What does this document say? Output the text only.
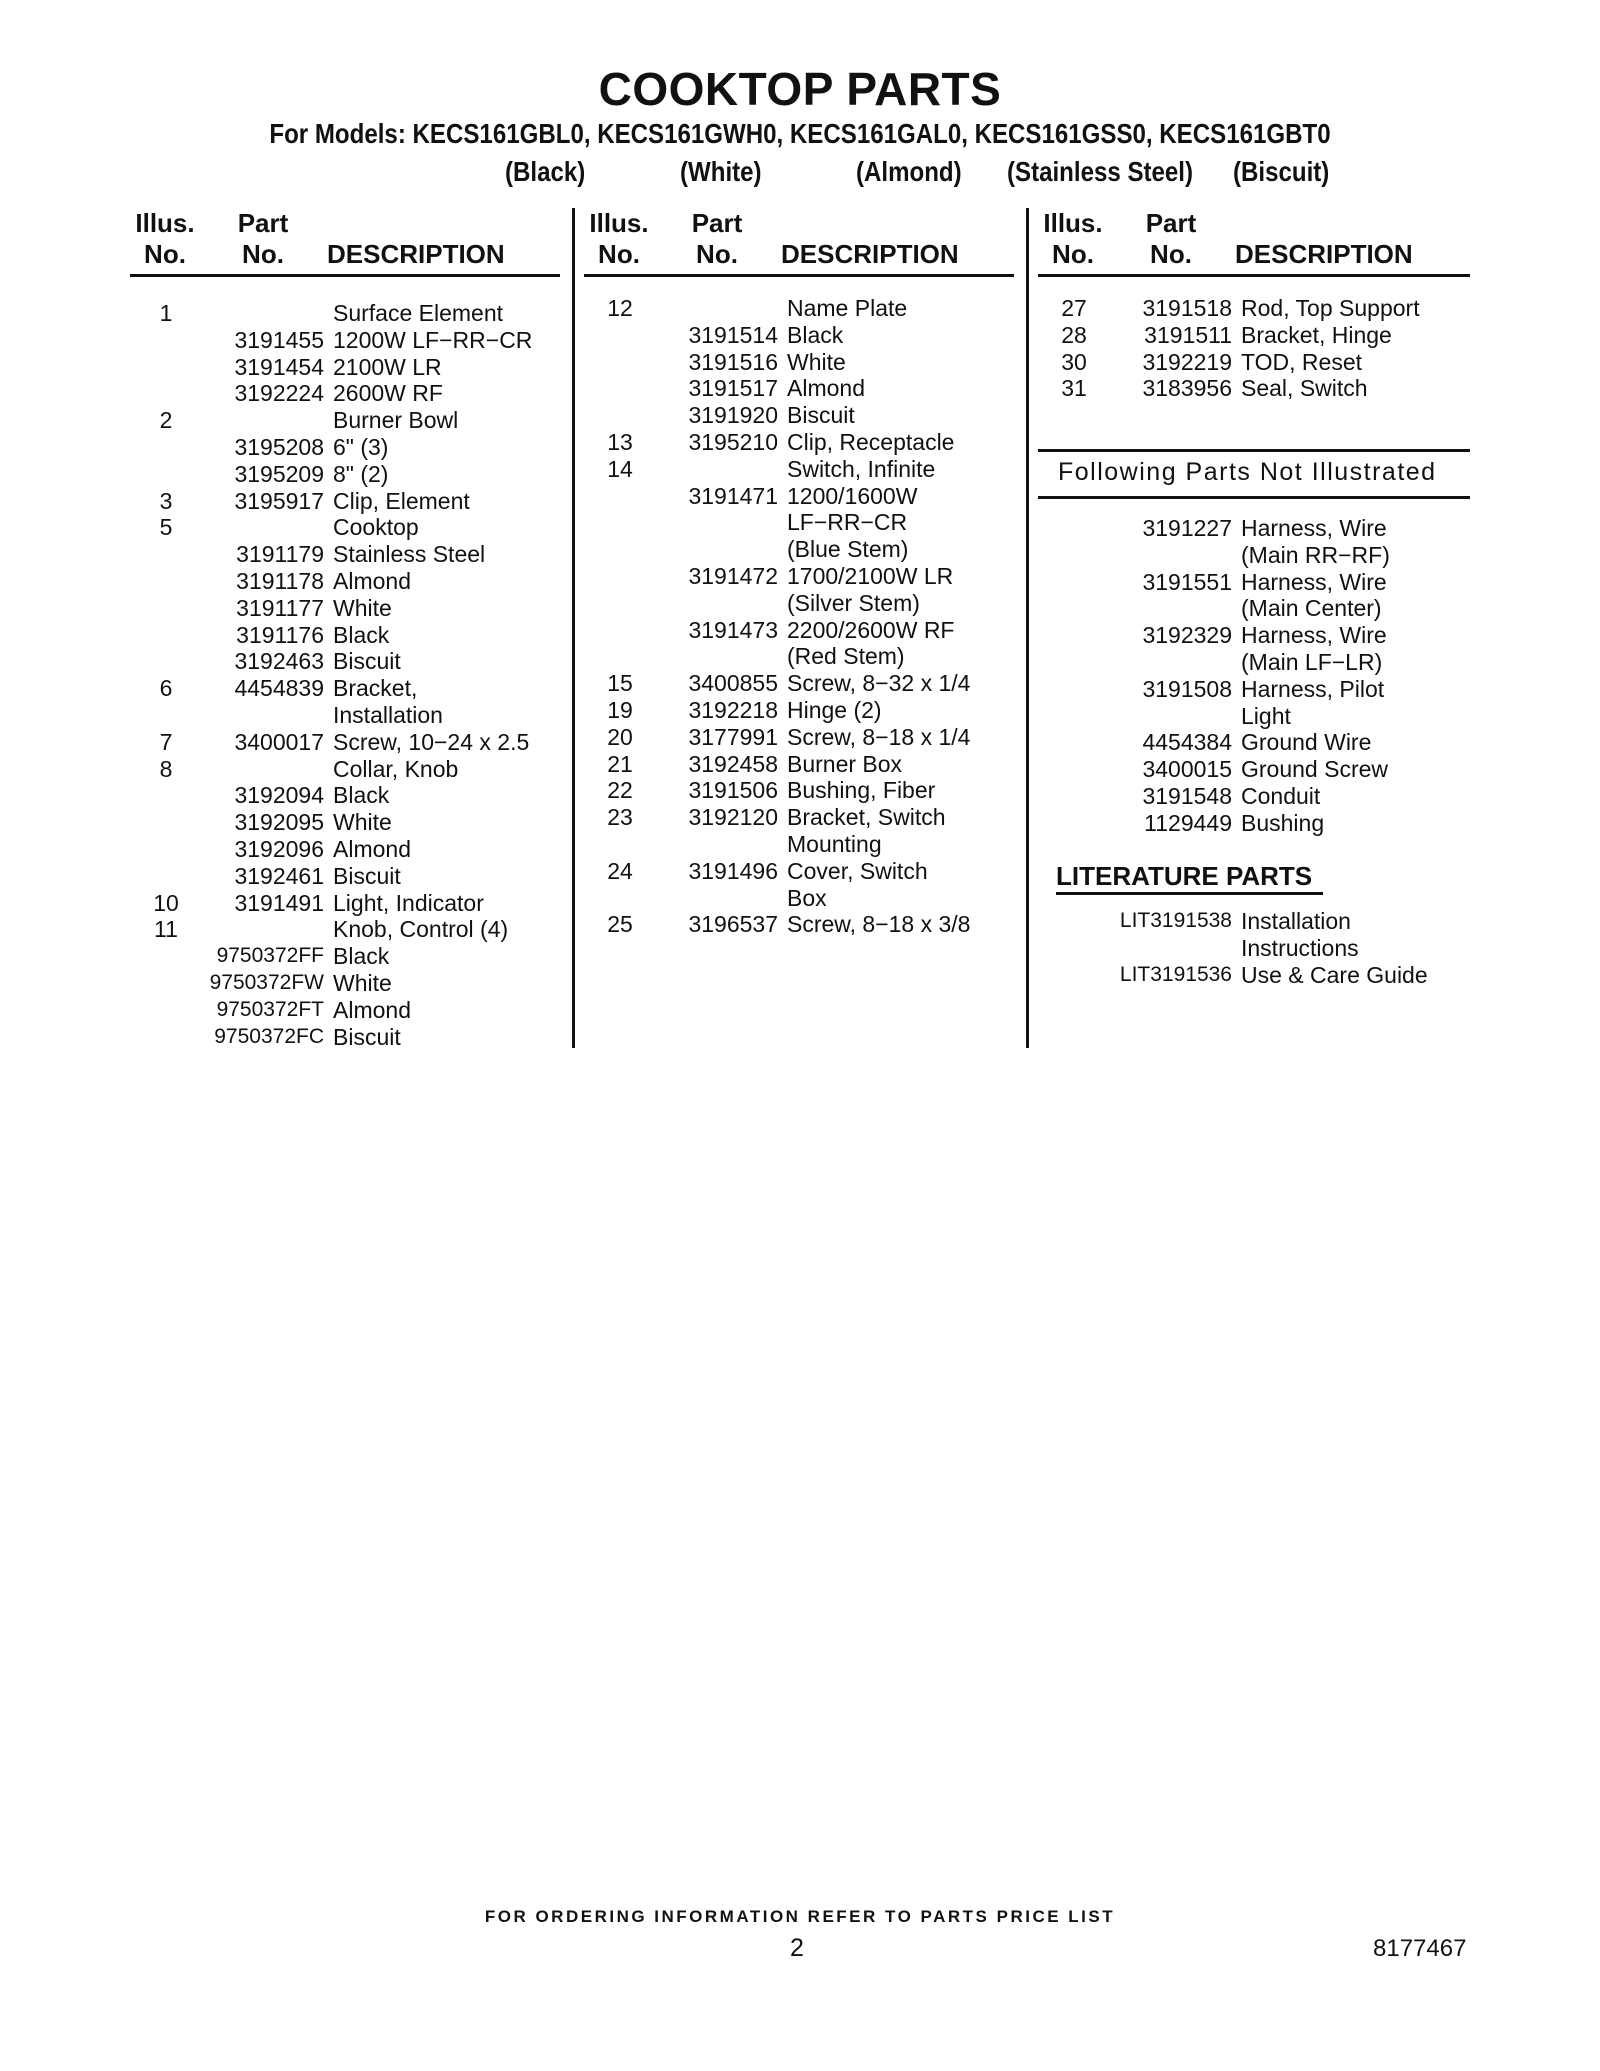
COOKTOP PARTS
For Models: KECS161GBL0, KECS161GWH0, KECS161GAL0, KECS161GSS0, KECS161GBT0
(Black)	(White)	(Almond) (Stainless Steel) (Biscuit)
Illus.
No.
Part
No.	DESCRIPTION
1	Surface Element
3191455 1200W LF−RR−CR
3191454 2100W LR
3192224 2600W RF
2	Burner Bowl
3195208 6" (3)
3195209 8" (2)
3	3195917 Clip, Element
5	Cooktop
3191179 Stainless Steel
3191178 Almond
3191177 White
3191176 Black
3192463 Biscuit
6	4454839 Bracket,
Installation
7	3400017 Screw, 10−24 x 2.5
8	Collar, Knob
3192094 Black
3192095 White
3192096 Almond
3192461 Biscuit
10	3191491 Light, Indicator
11	Knob, Control (4)
9750372FF Black
9750372FW White
9750372FT Almond
9750372FC Biscuit
Illus.
No.
Part
No.	DESCRIPTION
12	Name Plate
3191514 Black
3191516 White
3191517 Almond
3191920 Biscuit
13	3195210 Clip, Receptacle
14	Switch, Infinite
3191471 1200/1600W
LF−RR−CR
(Blue Stem)
3191472 1700/2100W LR
(Silver Stem)
3191473 2200/2600W RF
(Red Stem)
15	3400855 Screw, 8−32 x 1/4
19	3192218 Hinge (2)
20	3177991 Screw, 8−18 x 1/4
21	3192458 Burner Box
22	3191506 Bushing, Fiber
23	3192120 Bracket, Switch
Mounting
24	3191496 Cover, Switch
Box
25	3196537 Screw, 8−18 x 3/8
Illus.
No.
Part
No.	DESCRIPTION
27	3191518 Rod, Top Support
28	3191511 Bracket, Hinge
30	3192219 TOD, Reset
31	3183956 Seal, Switch
Following Parts Not Illustrated
3191227 Harness, Wire
(Main RR−RF)
3191551 Harness, Wire
(Main Center)
3192329 Harness, Wire
(Main LF−LR)
3191508 Harness, Pilot
Light
4454384 Ground Wire
3400015 Ground Screw
3191548 Conduit
1129449 Bushing
LITERATURE PARTS
LIT3191538 Installation
Instructions
LIT3191536 Use & Care Guide
FOR ORDERING INFORMATION REFER TO PARTS PRICE LIST
2	8177467
